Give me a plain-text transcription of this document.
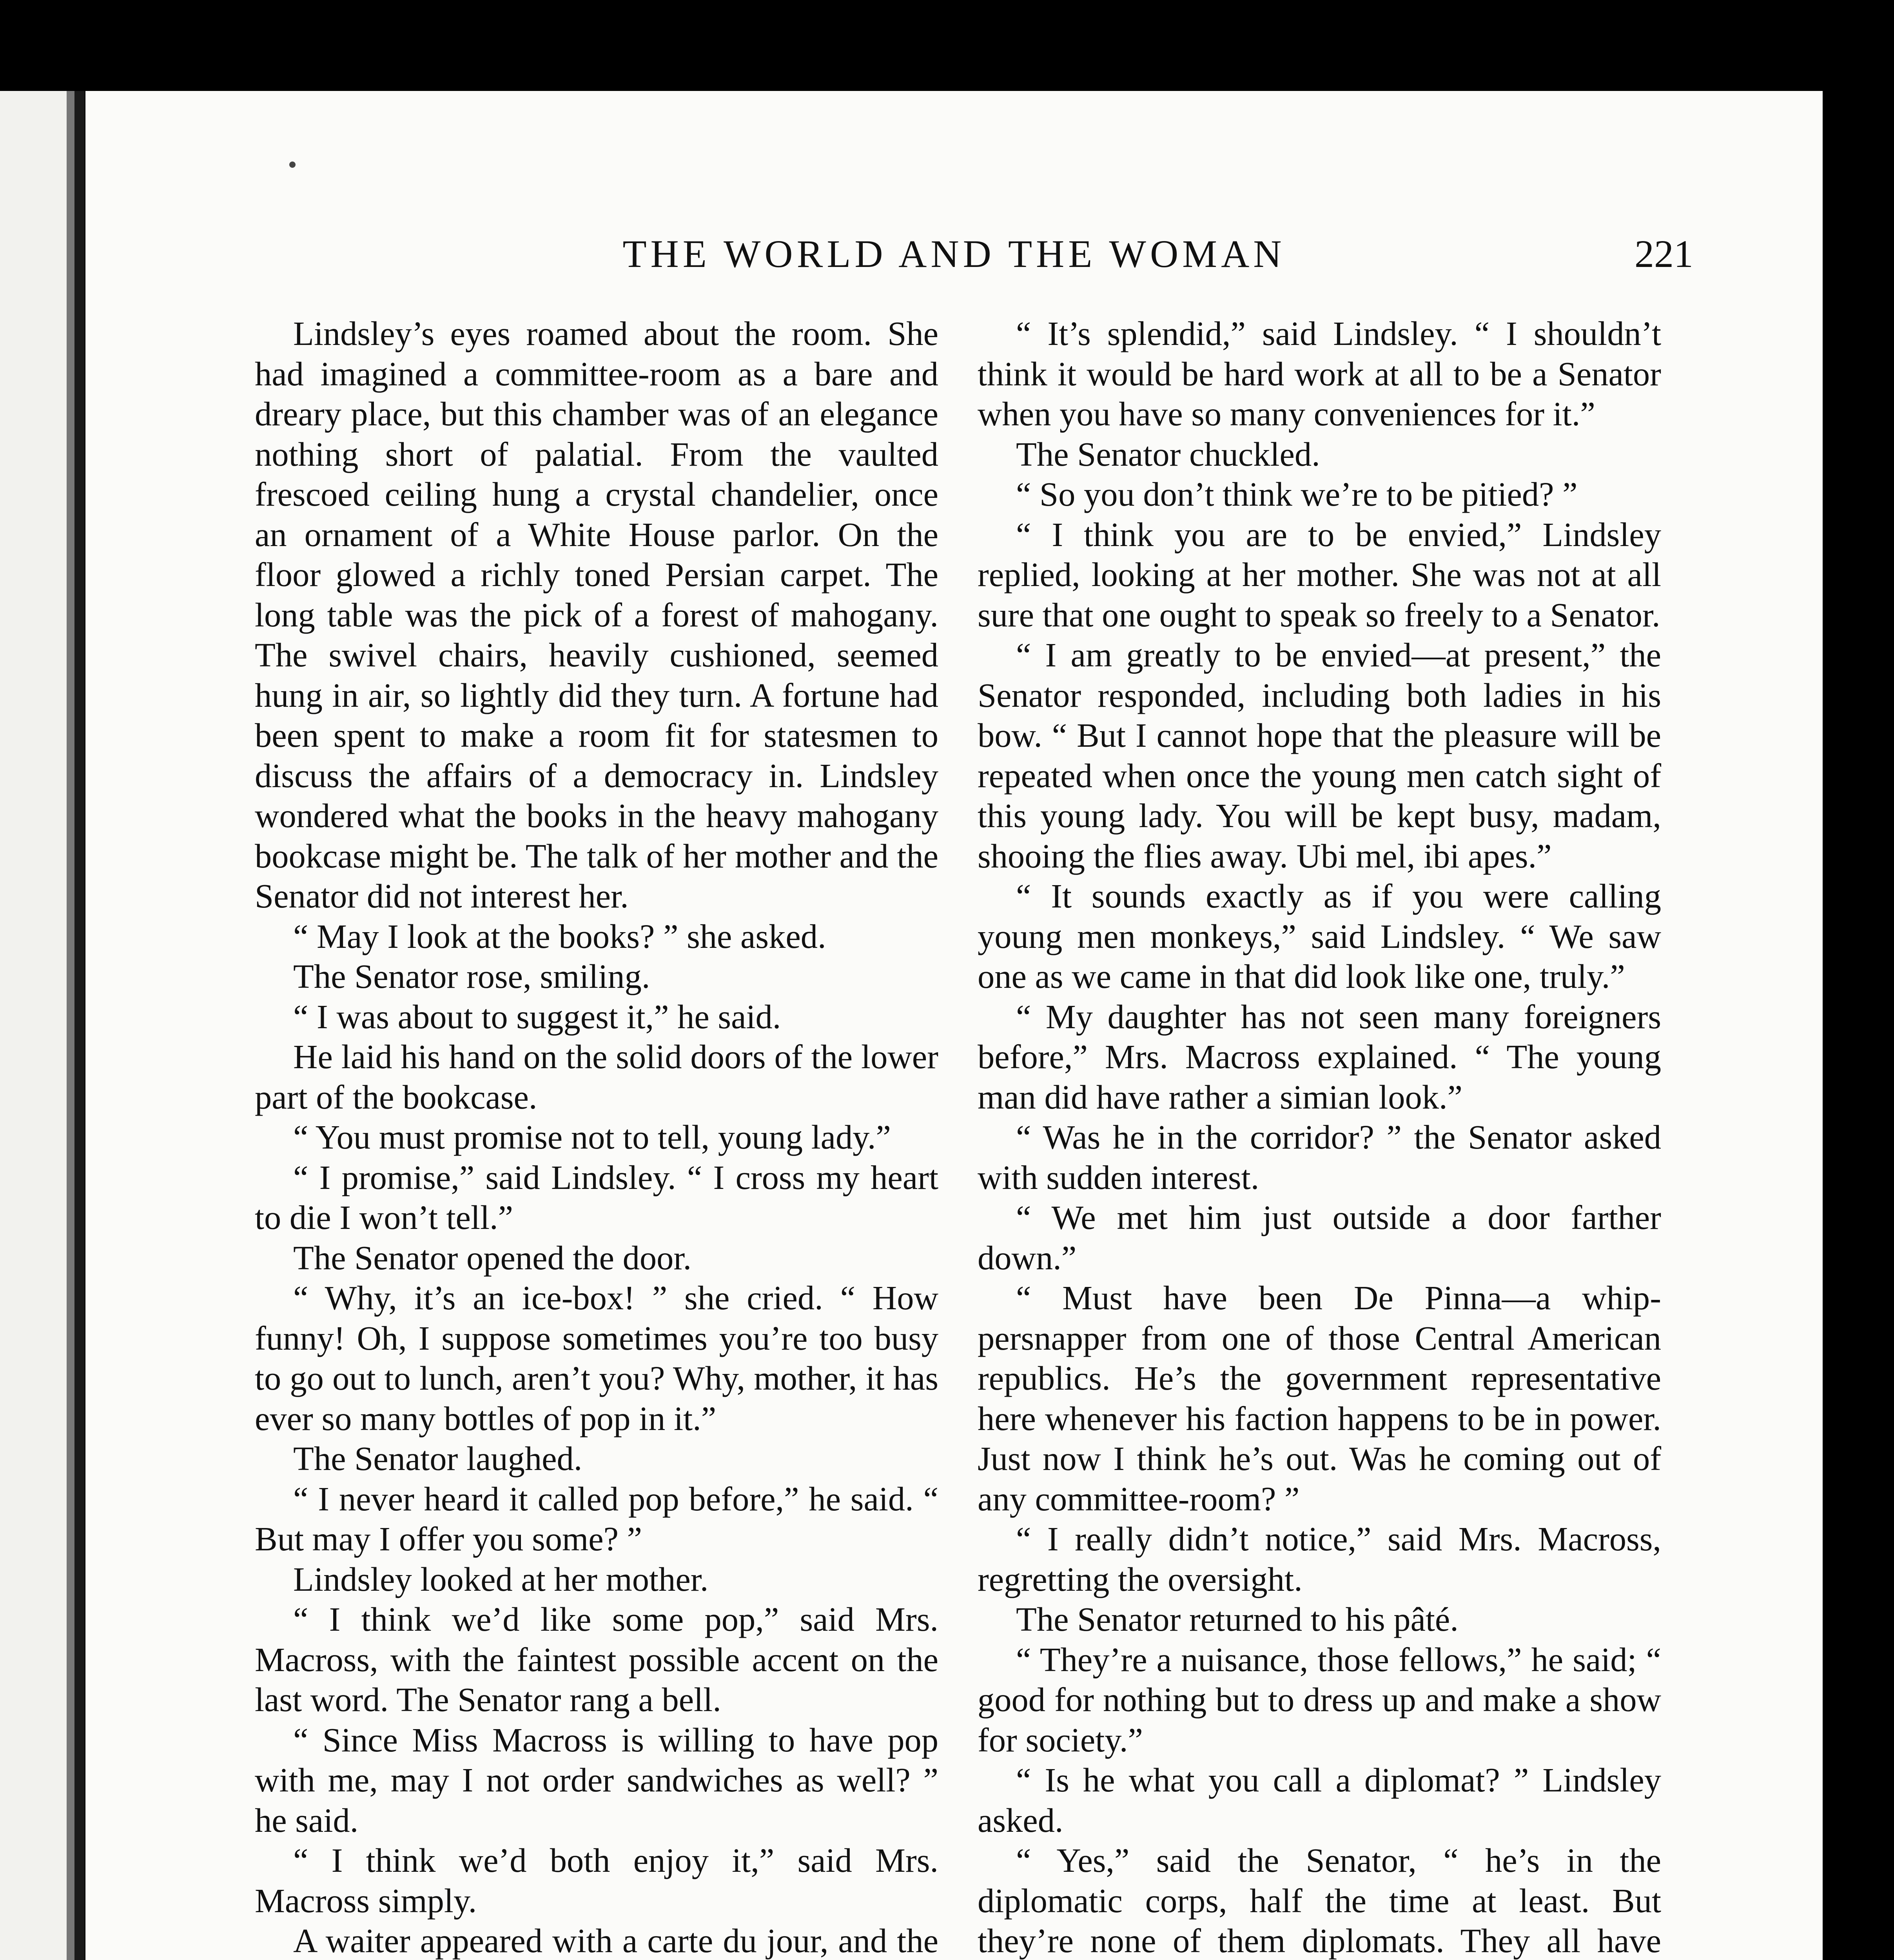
THE WORLD AND THE WOMAN	221

Lindsley’s eyes roamed about the room. She had imagined a committee-room as a bare and dreary place, but this chamber was of an elegance nothing short of palatial. From the vaulted frescoed ceiling hung a crystal chandelier, once an ornament of a White House parlor. On the floor glowed a richly toned Persian carpet. The long table was the pick of a forest of mahogany. The swivel chairs, heavily cushioned, seemed hung in air, so lightly did they turn. A fortune had been spent to make a room fit for statesmen to discuss the affairs of a democracy in. Lindsley wondered what the books in the heavy mahogany bookcase might be. The talk of her mother and the Senator did not interest her.

“ May I look at the books? ” she asked.

The Senator rose, smiling.

“ I was about to suggest it,” he said.

He laid his hand on the solid doors of the lower part of the bookcase.

“ You must promise not to tell, young lady.”

“ I promise,” said Lindsley. “ I cross my heart to die I won’t tell.”

The Senator opened the door.

“ Why, it’s an ice-box! ” she cried. “ How funny! Oh, I suppose sometimes you’re too busy to go out to lunch, aren’t you? Why, mother, it has ever so many bottles of pop in it.”

The Senator laughed.

“ I never heard it called pop before,” he said. “ But may I offer you some? ”

Lindsley looked at her mother.

“ I think we’d like some pop,” said Mrs. Macross, with the faintest possible accent on the last word. The Senator rang a bell.

“ Since Miss Macross is willing to have pop with me, may I not order sandwiches as well? ” he said.

“ I think we’d both enjoy it,” said Mrs. Macross simply.

A waiter appeared with a carte du jour, and the

“ It’s splendid,” said Lindsley. “ I shouldn’t think it would be hard work at all to be a Senator when you have so many conveniences for it.”

The Senator chuckled.

“ So you don’t think we’re to be pitied? ”

“ I think you are to be envied,” Lindsley replied, looking at her mother. She was not at all sure that one ought to speak so freely to a Senator.

“ I am greatly to be envied—at present,” the Senator responded, including both ladies in his bow. “ But I cannot hope that the pleasure will be repeated when once the young men catch sight of this young lady. You will be kept busy, madam, shooing the flies away. Ubi mel, ibi apes.”

“ It sounds exactly as if you were calling young men monkeys,” said Lindsley. “ We saw one as we came in that did look like one, truly.”

“ My daughter has not seen many foreigners before,” Mrs. Macross explained. “ The young man did have rather a simian look.”

“ Was he in the corridor? ” the Senator asked with sudden interest.

“ We met him just outside a door farther down.”

“ Must have been De Pinna—a whippersnapper from one of those Central American republics. He’s the government representative here whenever his faction happens to be in power. Just now I think he’s out. Was he coming out of any committee-room? ”

“ I really didn’t notice,” said Mrs. Macross, regretting the oversight.

The Senator returned to his pâté.

“ They’re a nuisance, those fellows,” he said; “ good for nothing but to dress up and make a show for society.”

“ Is he what you call a diplomat? ” Lindsley asked.

“ Yes,” said the Senator, “ he’s in the diplomatic corps, half the time at least. But they’re none of them diplomats. They all have
